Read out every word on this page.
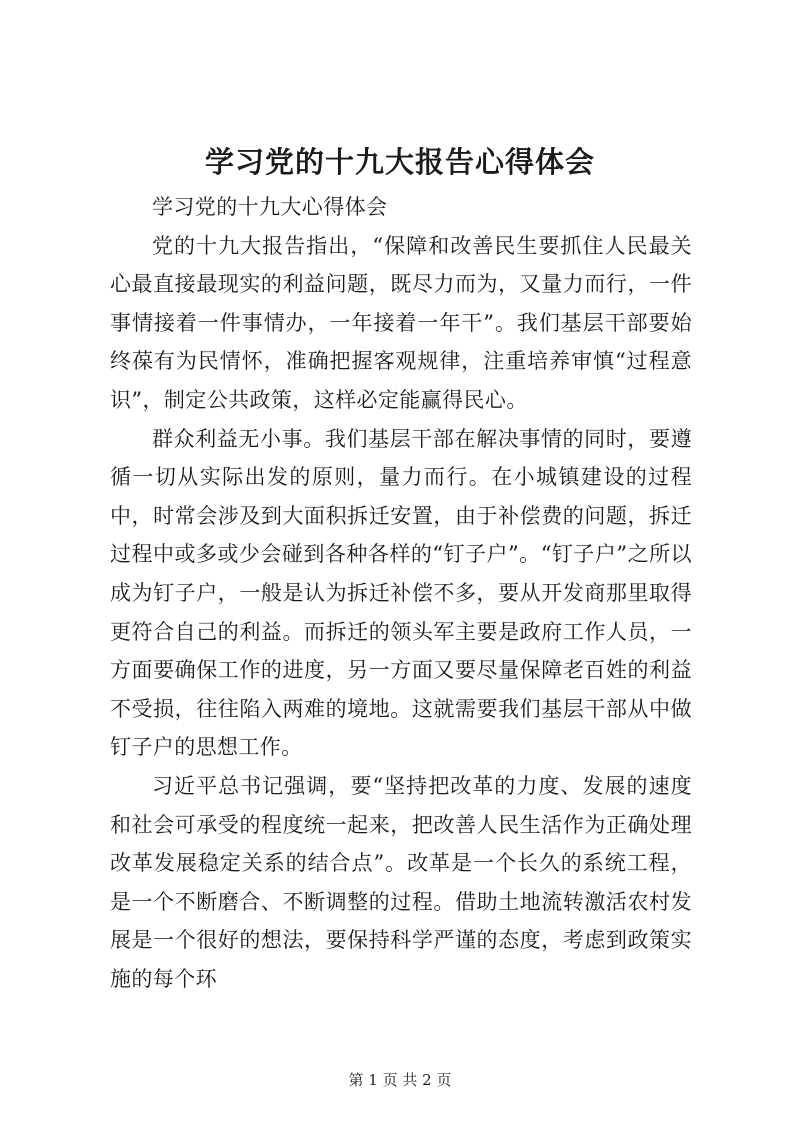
学习党的十九大报告心得体会

学习党的十九大心得体会

党的十九大报告指出，“保障和改善民生要抓住人民最关心最直接最现实的利益问题，既尽力而为，又量力而行，一件事情接着一件事情办，一年接着一年干”。我们基层干部要始终葆有为民情怀，准确把握客观规律，注重培养审慎“过程意识”，制定公共政策，这样必定能赢得民心。

群众利益无小事。我们基层干部在解决事情的同时，要遵循一切从实际出发的原则，量力而行。在小城镇建设的过程中，时常会涉及到大面积拆迁安置，由于补偿费的问题，拆迁过程中或多或少会碰到各种各样的“钉子户”。“钉子户”之所以成为钉子户，一般是认为拆迁补偿不多，要从开发商那里取得更符合自己的利益。而拆迁的领头军主要是政府工作人员，一方面要确保工作的进度，另一方面又要尽量保障老百姓的利益不受损，往往陷入两难的境地。这就需要我们基层干部从中做钉子户的思想工作。

习近平总书记强调，要“坚持把改革的力度、发展的速度和社会可承受的程度统一起来，把改善人民生活作为正确处理改革发展稳定关系的结合点”。改革是一个长久的系统工程，是一个不断磨合、不断调整的过程。借助土地流转激活农村发展是一个很好的想法，要保持科学严谨的态度，考虑到政策实施的每个环

第 1 页 共 2 页
